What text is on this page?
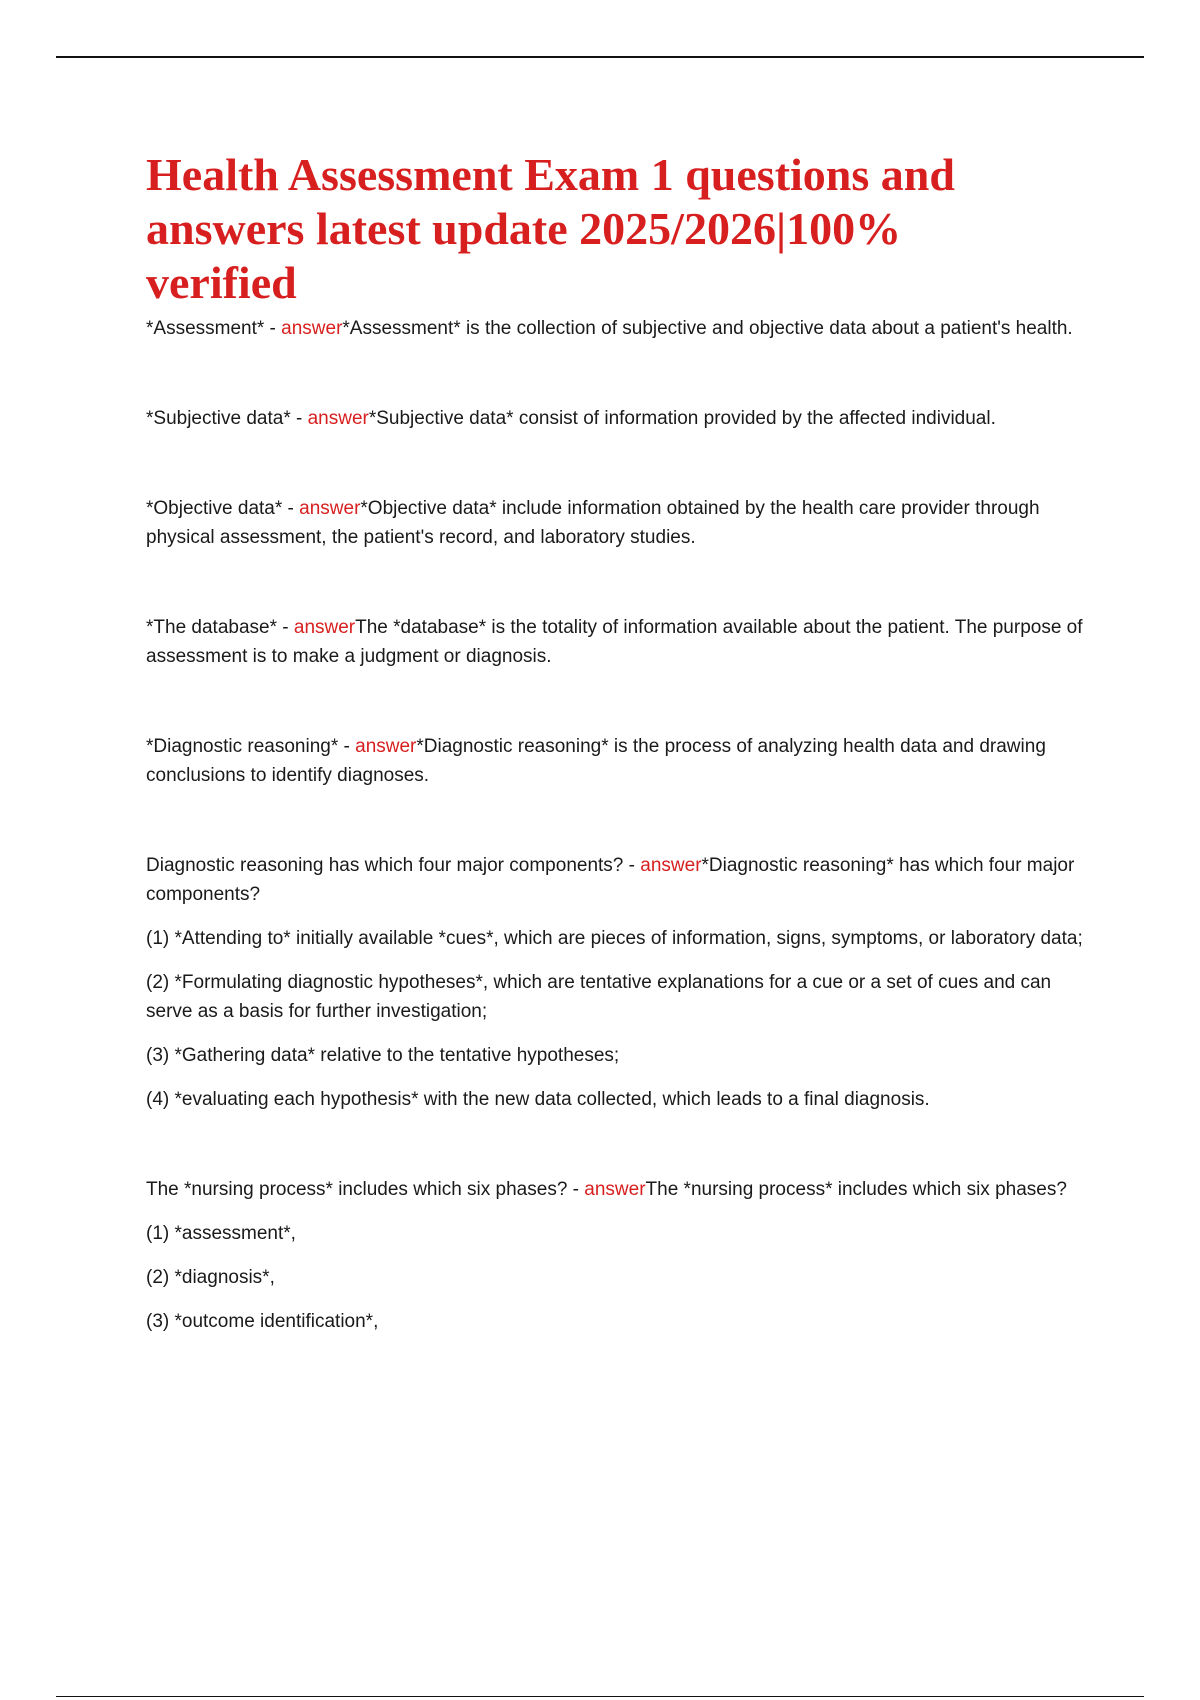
Health Assessment Exam 1 questions and answers latest update 2025/2026|100% verified

*Assessment* - answer*Assessment* is the collection of subjective and objective data about a patient's health.

*Subjective data* - answer*Subjective data* consist of information provided by the affected individual.

*Objective data* - answer*Objective data* include information obtained by the health care provider through physical assessment, the patient's record, and laboratory studies.

*The database* - answerThe *database* is the totality of information available about the patient. The purpose of assessment is to make a judgment or diagnosis.

*Diagnostic reasoning* - answer*Diagnostic reasoning* is the process of analyzing health data and drawing conclusions to identify diagnoses.

Diagnostic reasoning has which four major components? - answer*Diagnostic reasoning* has which four major components?

(1) *Attending to* initially available *cues*, which are pieces of information, signs, symptoms, or laboratory data;

(2) *Formulating diagnostic hypotheses*, which are tentative explanations for a cue or a set of cues and can serve as a basis for further investigation;

(3) *Gathering data* relative to the tentative hypotheses;

(4) *evaluating each hypothesis* with the new data collected, which leads to a final diagnosis.

The *nursing process* includes which six phases? - answerThe *nursing process* includes which six phases?

(1) *assessment*,

(2) *diagnosis*,

(3) *outcome identification*,
